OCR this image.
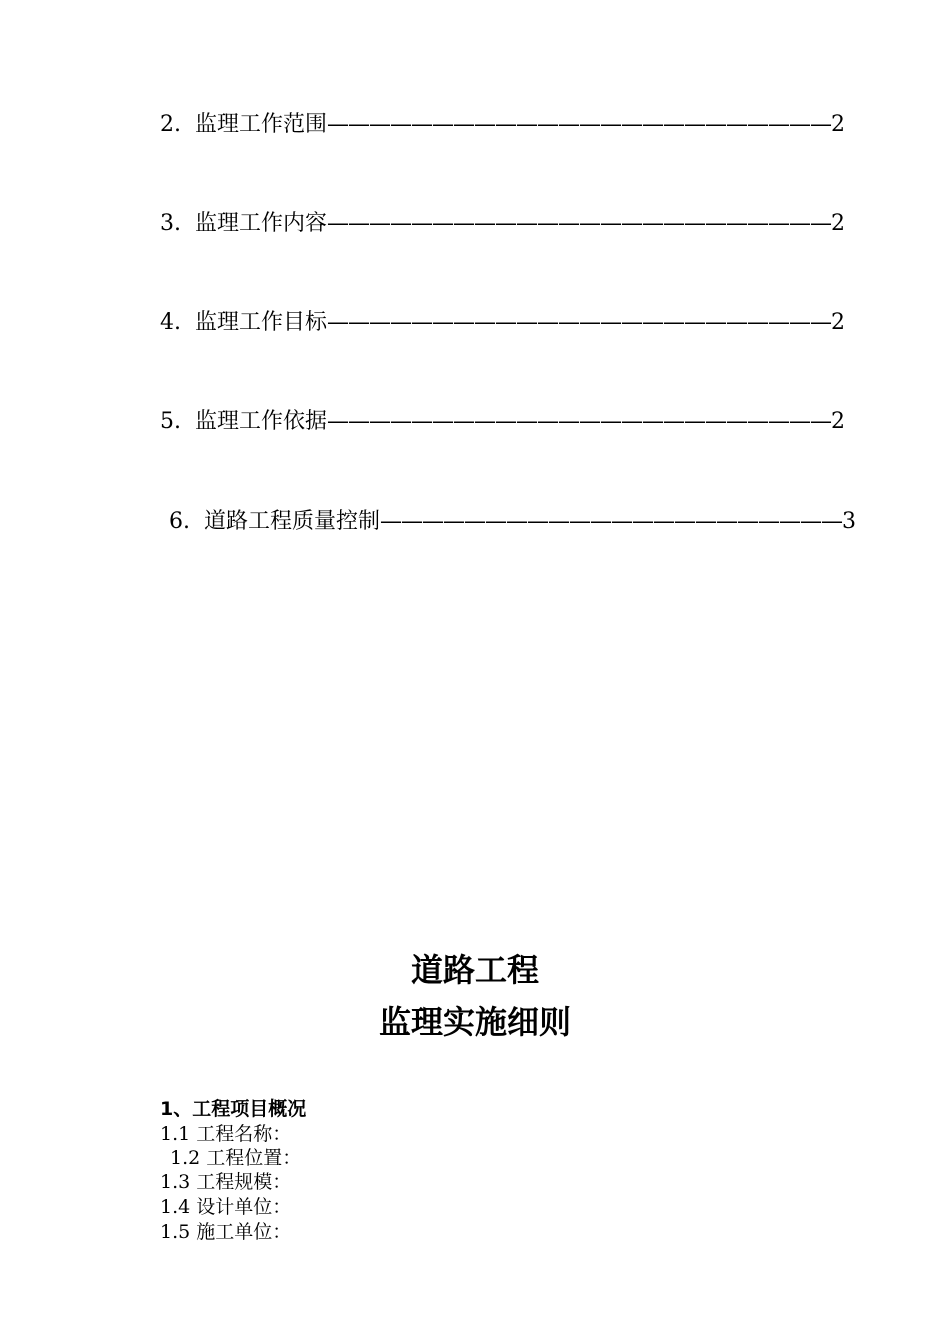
2. 监理工作范围————————————————————————2
3. 监理工作内容————————————————————————2
4. 监理工作目标————————————————————————2
5. 监理工作依据————————————————————————2
6. 道路工程质量控制——————————————————————3
道路工程
监理实施细则
1、工程项目概况
1.1 工程名称：
1.2 工程位置：
1.3 工程规模：
1.4 设计单位：
1.5 施工单位：
